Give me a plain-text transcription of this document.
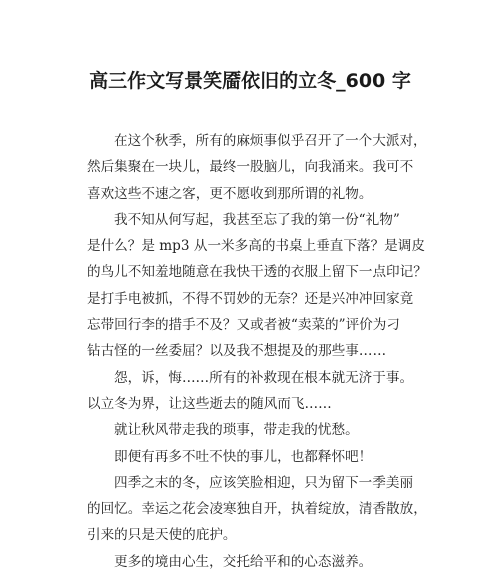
高三作文写景笑靥依旧的立冬_600 字
在这个秋季，所有的麻烦事似乎召开了一个大派对，
然后集聚在一块儿，最终一股脑儿，向我涌来。我可不
喜欢这些不速之客，更不愿收到那所谓的礼物。
我不知从何写起，我甚至忘了我的第一份“礼物”
是什么？是 mp3 从一米多高的书桌上垂直下落？是调皮
的鸟儿不知羞地随意在我快干透的衣服上留下一点印记？
是打手电被抓，不得不罚妙的无奈？还是兴冲冲回家竟
忘带回行李的措手不及？又或者被“卖菜的”评价为刁
钻古怪的一丝委屈？以及我不想提及的那些事……
怨，诉，悔……所有的补救现在根本就无济于事。
以立冬为界，让这些逝去的随风而飞……
就让秋风带走我的琐事，带走我的忧愁。
即便有再多不吐不快的事儿，也都释怀吧！
四季之末的冬，应该笑脸相迎，只为留下一季美丽
的回忆。幸运之花会凌寒独自开，执着绽放，清香散放，
引来的只是天使的庇护。
更多的境由心生，交托给平和的心态滋养。
